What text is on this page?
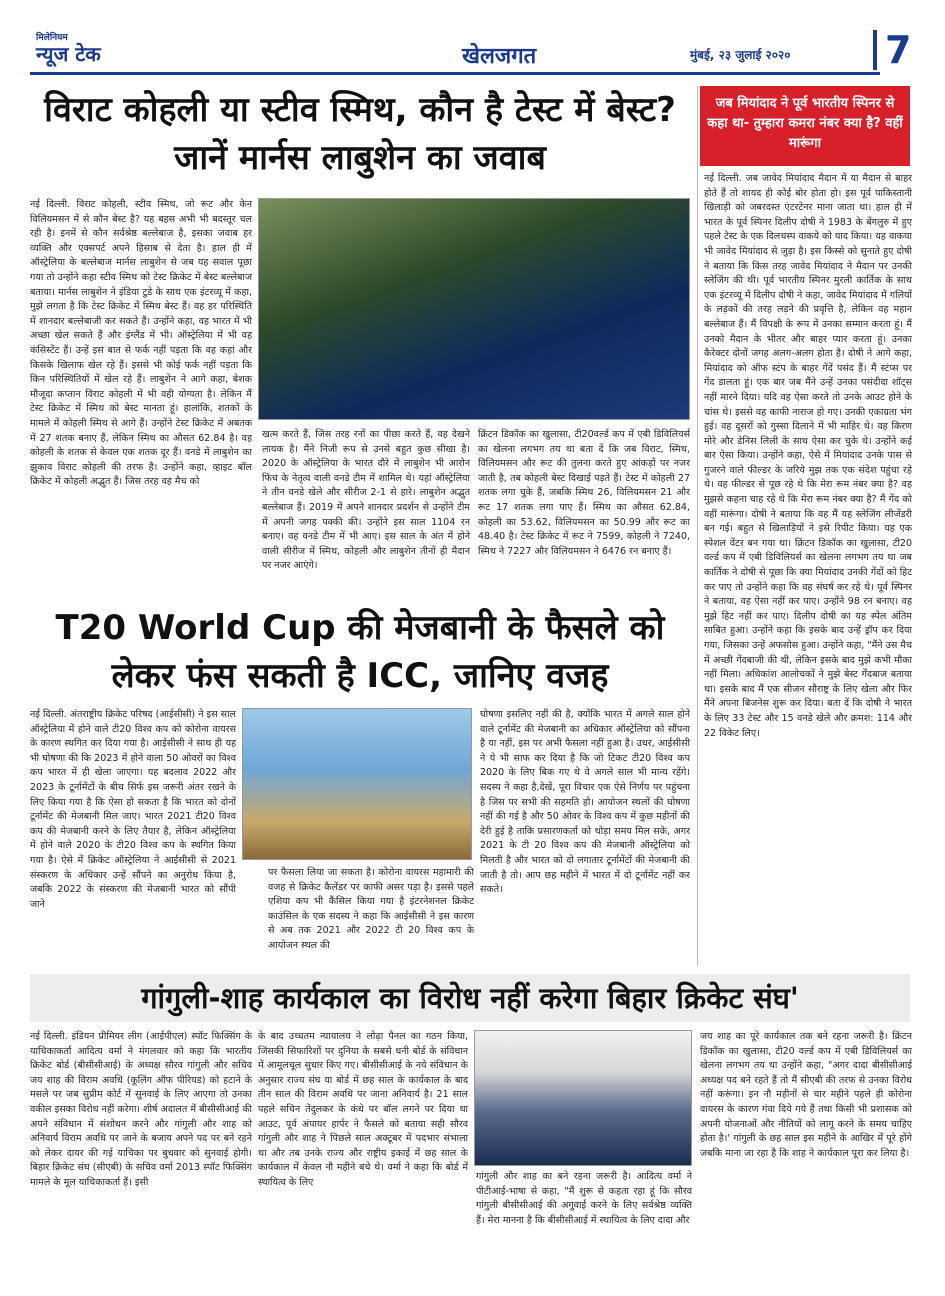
मिलेनियम
न्यूज टेक	खेलजगत	मुंबई, २३ जुलाई २०२०	7
विराट कोहली या स्टीव स्मिथ, कौन है टेस्ट में बेस्ट? जानें मार्नस लाबुशेन का जवाब
नई दिल्ली. विराट कोहली, स्टीव स्मिथ, जो रूट और केन विलियमसन में से कौन बेस्ट है? यह बहस अभी भी बदस्तूर चल रही है। इनमें से कौन सर्वश्रेष्ठ बल्लेबाज है, इसका जवाब हर व्यक्ति और एक्सपर्ट अपने हिसाब से देता है। हाल ही में ऑस्ट्रेलिया के बल्लेबाज मार्नस लाबुशेन से जब यह सवाल पूछा गया तो उन्होंने कहा स्टीव स्मिथ को टेस्ट क्रिकेट में बेस्ट बल्लेबाज बताया। मार्नस लाबुशेन ने इंडिया टुडे के साथ एक इंटरव्यू में कहा, मुझे लगता है कि टेस्ट क्रिकेट में स्मिथ बेस्ट हैं। वह हर परिस्थिति में शानदार बल्लेबाजी कर सकते हैं। उन्होंने कहा, वह भारत में भी अच्छा खेल सकते हैं और इंग्लैंड में भी। ऑस्ट्रेलिया में भी वह कंसिस्टेंट हैं। उन्हें इस बात से फर्क नहीं पड़ता कि वह कहां और किसके खिलाफ खेल रहे हैं। इससे भी कोई फर्क नहीं पड़ता कि किन परिस्थितियों में खेल रहे हैं। लाबुशेन ने आगे कहा, बेशक मौजूदा कप्तान विराट कोहली में भी वही योग्यता है। लेकिन मैं टेस्ट क्रिकेट में स्मिथ को बेस्ट मानता हूं। हालांकि, शतकों के मामले में कोहली स्मिथ से आगे हैं। उन्होंने टेस्ट क्रिकेट में अबतक में 27 शतक बनाए हैं, लेकिन स्मिथ का औसत 62.84 है। वह कोहली के शतक से केवल एक शतक दूर हैं। वनडे में लाबुशेन का झुकाव विराट कोहली की तरफ है। उन्होंने कहा, व्हाइट बॉल क्रिकेट में कोहली अद्भुत हैं। जिस तरह वह मैच को
खत्म करते हैं, जिस तरह रनों का पीछा करते हैं, वह देखने लायक है। मैंने निजी रूप से उनसे बहुत कुछ सीखा है। 2020 के ऑस्ट्रेलिया के भारत दौरे में लाबुशेन भी आरोन फिंच के नेतृत्व वाली वनडे टीम में शामिल थे। यहां ऑस्ट्रेलिया ने तीन वनडे खेले और सीरीज 2-1 से हारे। लाबुशेन अद्भुत बल्लेबाज हैं। 2019 में अपने शानदार प्रदर्शन से उन्होंने टीम में अपनी जगह पक्की की। उन्होंने इस साल 1104 रन बनाए। वह वनडे टीम में भी आए। इस साल के अंत में होने वाली सीरीज में स्मिथ, कोहली और लाबुशेन तीनों ही मैदान पर नजर आएंगे।
क्रिंटन डिकॉक का खुलासा, टी20वर्ल्ड कप में एबी डिविलियर्स का खेलना लगभग तय था बता दें कि जब विराट, स्मिथ, विलियमसन और रूट की तुलना करते हुए आंकड़ों पर नजर जाती है, तब कोहली बेस्ट दिखाई पड़ते हैं। टेस्ट में कोहली 27 शतक लगा चुके हैं, जबकि स्मिथ 26, विलियमसन 21 और रूट 17 शतक लगा पाए हैं। स्मिथ का औसत 62.84, कोहली का 53.62, विलियमसन का 50.99 और रूट का 48.40 है। टेस्ट क्रिकेट में रूट ने 7599, कोहली ने 7240, स्मिथ ने 7227 और विलियमसन ने 6476 रन बनाए हैं।
जब मियांदाद ने पूर्व भारतीय स्पिनर से कहा था- तुम्हारा कमरा नंबर क्या है? वहीं मारूंगा
नई दिल्ली. जब जावेद मियांदाद मैदान में या मैदान से बाहर होते हैं तो शायद ही कोई बोर होता हो। इस पूर्व पाकिस्तानी खिलाड़ी को जबरदस्त एंटरटेनर माना जाता था। हाल ही में भारत के पूर्व स्पिनर दिलीप दोषी ने 1983 के बेंगलुरु में हुए पहले टेस्ट के एक दिलचस्प वाकये को याद किया। यह वाकया भी जावेद मियांदाद से जुड़ा है। इस किस्से को सुनाते हुए दोषी ने बताया कि किस तरह जावेद मियांदाद ने मैदान पर उनकी स्लेजिंग की थी। पूर्व भारतीय स्पिनर मुरली कार्तिक के साथ एक इंटरव्यू में दिलीप दोषी ने कहा, जावेद मियांदाद में गलियों के लड़कों की तरह लड़ने की प्रवृत्ति है, लेकिन वह महान बल्लेबाज हैं। मैं विपक्षी के रूप में उनका सम्मान करता हूं। मैं उनको मैदान के भीतर और बाहर प्यार करता हूं। उनका कैरेक्टर दोनों जगह अलग-अलग होता है। दोषी ने आगे कहा, मियांदाद को ऑफ स्टंप के बाहर गेंदें पसंद हैं। मैं स्टंप्स पर गेंद डालता हूं। एक बार जब मैंने उन्हें उनका पसंदीदा शॉट्स नहीं मारने दिया। यदि वह ऐसा करते तो उनके आउट होने के चांस थे। इससे वह काफी नाराज हो गए। उनकी एकाग्रता भंग हुई। वह दूसरों को गुस्सा दिलाने में भी माहिर थे। वह किरण मोरे और डेनिस लिली के साथ ऐसा कर चुके थे। उन्होंने कई बार ऐसा किया। उन्होंने कहा, ऐसे में मियांदाद उनके पास से गुजरने वाले फील्डर के जरिये मुझ तक एक संदेश पहुंचा रहे थे। वह फील्डर से पूछ रहे थे कि मेरा रूम नंबर क्या है? वह मुझसे कहना चाह रहे थे कि मेरा रूम नंबर क्या है? मैं गेंद को वहीं मारूंगा। दोषी ने बताया कि वह मैं यह स्लेजिंग लीजेंडरी बन गई। बहुत से खिलाड़ियों ने इसे रिपीट किया। यह एक स्पेशल वेंटर बन गया था। क्रिंटन डिकॉक का खुलासा, टी20 वर्ल्ड कप में एबी डिविलियर्स का खेलना लगभग तय था जब कार्तिक ने दोषी से पूछा कि क्या मियांदाद उनकी गेंदों को हिट कर पाए तो उन्होंने कहा कि वह संघर्ष कर रहे थे। पूर्व स्पिनर ने बताया, वह ऐसा नहीं कर पाए। उन्होंने 98 रन बनाए। वह मुझे हिट नहीं कर पाए। दिलीप दोषी का यह स्पेल अंतिम साबित हुआ। उन्होंने कहा कि इसके बाद उन्हें ड्रॉप कर दिया गया, जिसका उन्हें अफसोस हुआ। उन्होंने कहा, "मैंने उस मैच में अच्छी गेंदबाजी की थी, लेकिन इसके बाद मुझे कभी मौका नहीं मिला। अधिकांश आलोचकों ने मुझे बेस्ट गेंदबाज बताया था। इसके बाद मैं एक सीजन सौराष्ट्र के लिए खेला और फिर मैंने अपना बिजनेस शुरू कर दिया। बता दें कि दोषी ने भारत के लिए 33 टेस्ट और 15 वनडे खेले और क्रमश: 114 और 22 विकेट लिए।
T20 World Cup की मेजबानी के फैसले को लेकर फंस सकती है ICC, जानिए वजह
नई दिल्ली. अंतराष्ट्रीय क्रिकेट परिषद (आईसीसी) ने इस साल ऑस्ट्रेलिया में होने वाले टी20 विश्व कप को कोरोना वायरस के कारण स्थगित कर दिया गया है। आईसीसी ने साथ ही यह भी घोषणा की कि 2023 में होने वाला 50 ओवरों का विश्व कप भारत में ही खेला जाएगा। यह बदलाव 2022 और 2023 के टूर्नामेंटों के बीच सिर्फ इस जरूरी अंतर रखने के लिए किया गया है कि ऐसा हो सकता है कि भारत को दोनों टूर्नामेंट की मेजबानी मिल जाए। भारत 2021 टी20 विश्व कप की मेजबानी करने के लिए तैयार है, लेकिन ऑस्ट्रेलिया में होने वाले 2020 के टी20 विश्व कप के स्थगित किया गया है। ऐसे में क्रिकेट ऑस्ट्रेलिया ने आईसीसी से 2021 संस्करण के अधिकार उन्हें सौंपने का अनुरोध किया है, जबकि 2022 के संस्करण की मेजबानी भारत को सौंपी जाने
पर फैसला लिया जा सकता है। कोरोना वायरस महामारी की वजह से क्रिकेट कैलेंडर पर काफी असर पड़ा है। इससे पहले एशिया कप भी कैंसिल किया गया है इंटरनेशनल क्रिकेट काउंसिल के एक सदस्य ने कहा कि आईसीसी ने इस कारण से अब तक 2021 और 2022 टी 20 विश्व कप के आयोजन स्थल की
घोषणा इसलिए नहीं की है, क्योंकि भारत में अगले साल होने वाले टूर्नामेंट की मेजबानी का अधिकार ऑस्ट्रेलिया को सौंपना है या नहीं, इस पर अभी फैसला नहीं हुआ है। उधर, आईसीसी ने ये भी साफ कर दिया है कि जो टिकट टी20 विश्व कप 2020 के लिए बिक गए थे वे अगले साल भी मान्य रहेंगे। सदस्य ने कहा है,देखें, पूरा विचार एक ऐसे निर्णय पर पहुंचना है जिस पर सभी की सहमति हो। आयोजन स्थलों की घोषणा नहीं की गई है और 50 ओवर के विश्व कप में कुछ महीनों की देरी हुई है ताकि प्रसारणकर्ता को थोड़ा समय मिल सके, अगर 2021 के टी 20 विश्व कप की मेजबानी ऑस्ट्रेलिया को मिलती है और भारत को दो लगातार टूर्नामेंटों की मेजबानी की जाती है तो। आप छह महीने में भारत में दो टूर्नामेंट नहीं कर सकते।
गांगुली-शाह कार्यकाल का विरोध नहीं करेगा बिहार क्रिकेट संघ'
नई दिल्ली. इंडियन प्रीमियर लीग (आईपीएल) स्पॉट फिक्सिंग के याचिकाकर्ता आदित्य वर्मा ने मंगलवार को कहा कि भारतीय क्रिकेट बोर्ड (बीसीसीआई) के अध्यक्ष सौरव गांगुली और सचिव जय शाह की विराम अवधि (कूलिंग ऑफ पीरियड) को हटाने के मसले पर जब सुप्रीम कोर्ट में सुनवाई के लिए आएगा तो उनका वकील इसका विरोध नहीं करेगा। शीर्ष अदालत में बीसीसीआई की अपने संविधान में संशोधन करने और गांगुली और शाह को अनिवार्य विराम अवधि पर जाने के बजाय अपने पद पर बने रहने को लेकर दायर की गई याचिका पर बुधवार को सुनवाई होगी। बिहार क्रिकेट संघ (सीएबी) के सचिव वर्मा 2013 स्पॉट फिक्सिंग मामले के मूल याचिकाकर्ता हैं। इसी
के बाद उच्चतम न्यायालय ने लोढ़ा पैनल का गठन किया, जिसकी सिफारिशों पर दुनिया के सबसे धनी बोर्ड के संविधान में आमूलचूल सुधार किए गए। बीसीसीआई के नये संविधान के अनुसार राज्य संघ या बोर्ड में छह साल के कार्यकाल के बाद तीन साल की विराम अवधि पर जाना अनिवार्य है। 21 साल पहले सचिन तेंदुलकर के कंधे पर बॉल लगने पर दिया था आउट, पूर्व अंपायर हार्पर ने फैसले को बताया सही सौरव गांगुली और शाह ने पिछले साल अक्टूबर में पदभार संभाला था और तब उनके राज्य और राष्ट्रीय इकाई में छह साल के कार्यकाल में केवल नौ महीने बचे थे। वर्मा ने कहा कि बोर्ड में स्थायित्व के लिए
गांगुली और शाह का बने रहना जरूरी है। आदित्य वर्मा ने पीटीआई-भाषा से कहा, "मैं शुरू से कहता रहा हूं कि सौरव गांगुली बीसीसीआई की अगुवाई करने के लिए सर्वश्रेष्ठ व्यक्ति हैं। मेरा मानना है कि बीसीसीआई में स्थायित्व के लिए दादा और
जय शाह का पूरे कार्यकाल तक बने रहना जरूरी है। क्रिंटन डिकॉक का खुलासा, टी20 वर्ल्ड कप में एबी डिविलियर्स का खेलना लगभग तय था उन्होंने कहा, "अगर दादा बीसीसीआई अध्यक्ष पद बने रहते हैं तो मैं सीएबी की तरफ से उनका विरोध नहीं करूंगा। इन नौ महीनों से चार महीने पहले ही कोरोना वायरस के कारण गंवा दिये गये हैं तथा किसी भी प्रशासक को अपनी योजनाओं और नीतियों को लागू करने के समय चाहिए होता है।' गांगुली के छह साल इस महीने के आखिर में पूरे होंगे जबकि माना जा रहा है कि शाह ने कार्यकाल पूरा कर लिया है।
